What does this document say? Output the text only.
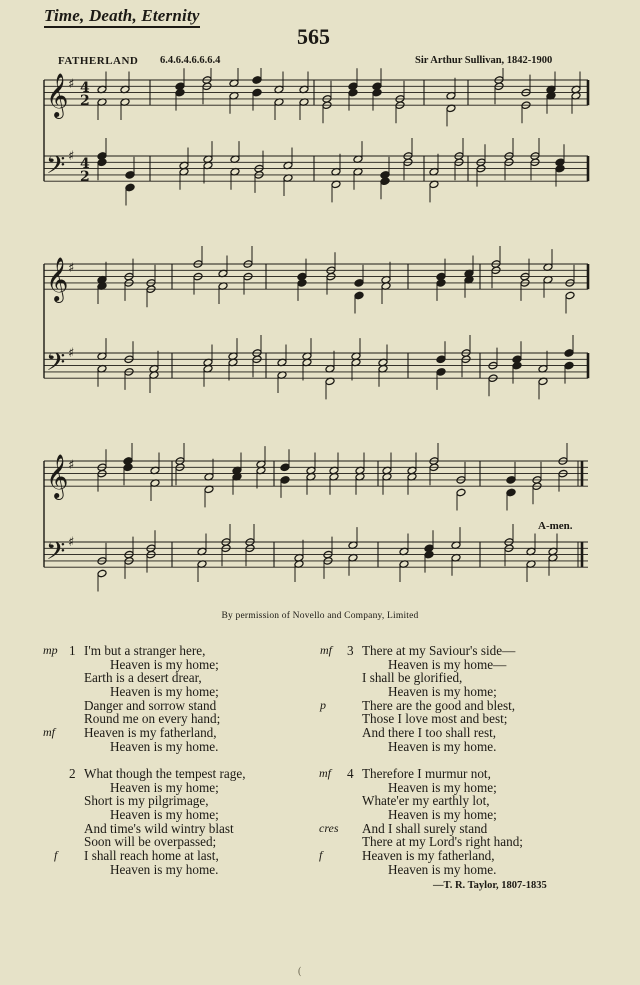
Time, Death, Eternity
565
FATHERLAND 6.4.6.4.6.6.6.4	Sir Arthur Sullivan, 1842-1900
𝄞 ♯ 4
2
𝄢 ♯ 4
2
𝄞 ♯
𝄢 ♯
𝄞 ♯
𝄢 ♯
A-men.
By permission of Novello and Company, Limited
1 I'm but a stranger here,
mp
Heaven is my home;
Earth is a desert drear,
Heaven is my home;
Danger and sorrow stand
Round me on every hand;
Heaven is my fatherland,
mf
Heaven is my home.
2 What though the tempest rage,
Heaven is my home;
Short is my pilgrimage,
Heaven is my home;
And time's wild wintry blast
Soon will be overpassed;
I shall reach home at last,
f
Heaven is my home.
3 There at my Saviour's side—
mf
Heaven is my home—
I shall be glorified,
Heaven is my home;
There are the good and blest,
p
Those I love most and best;
And there I too shall rest,
Heaven is my home.
4 Therefore I murmur not,
mf
Heaven is my home;
Whate'er my earthly lot,
Heaven is my home;
And I shall surely stand
cres
There at my Lord's right hand;
Heaven is my fatherland,
f
Heaven is my home.
—T. R. Taylor, 1807-1835
(
